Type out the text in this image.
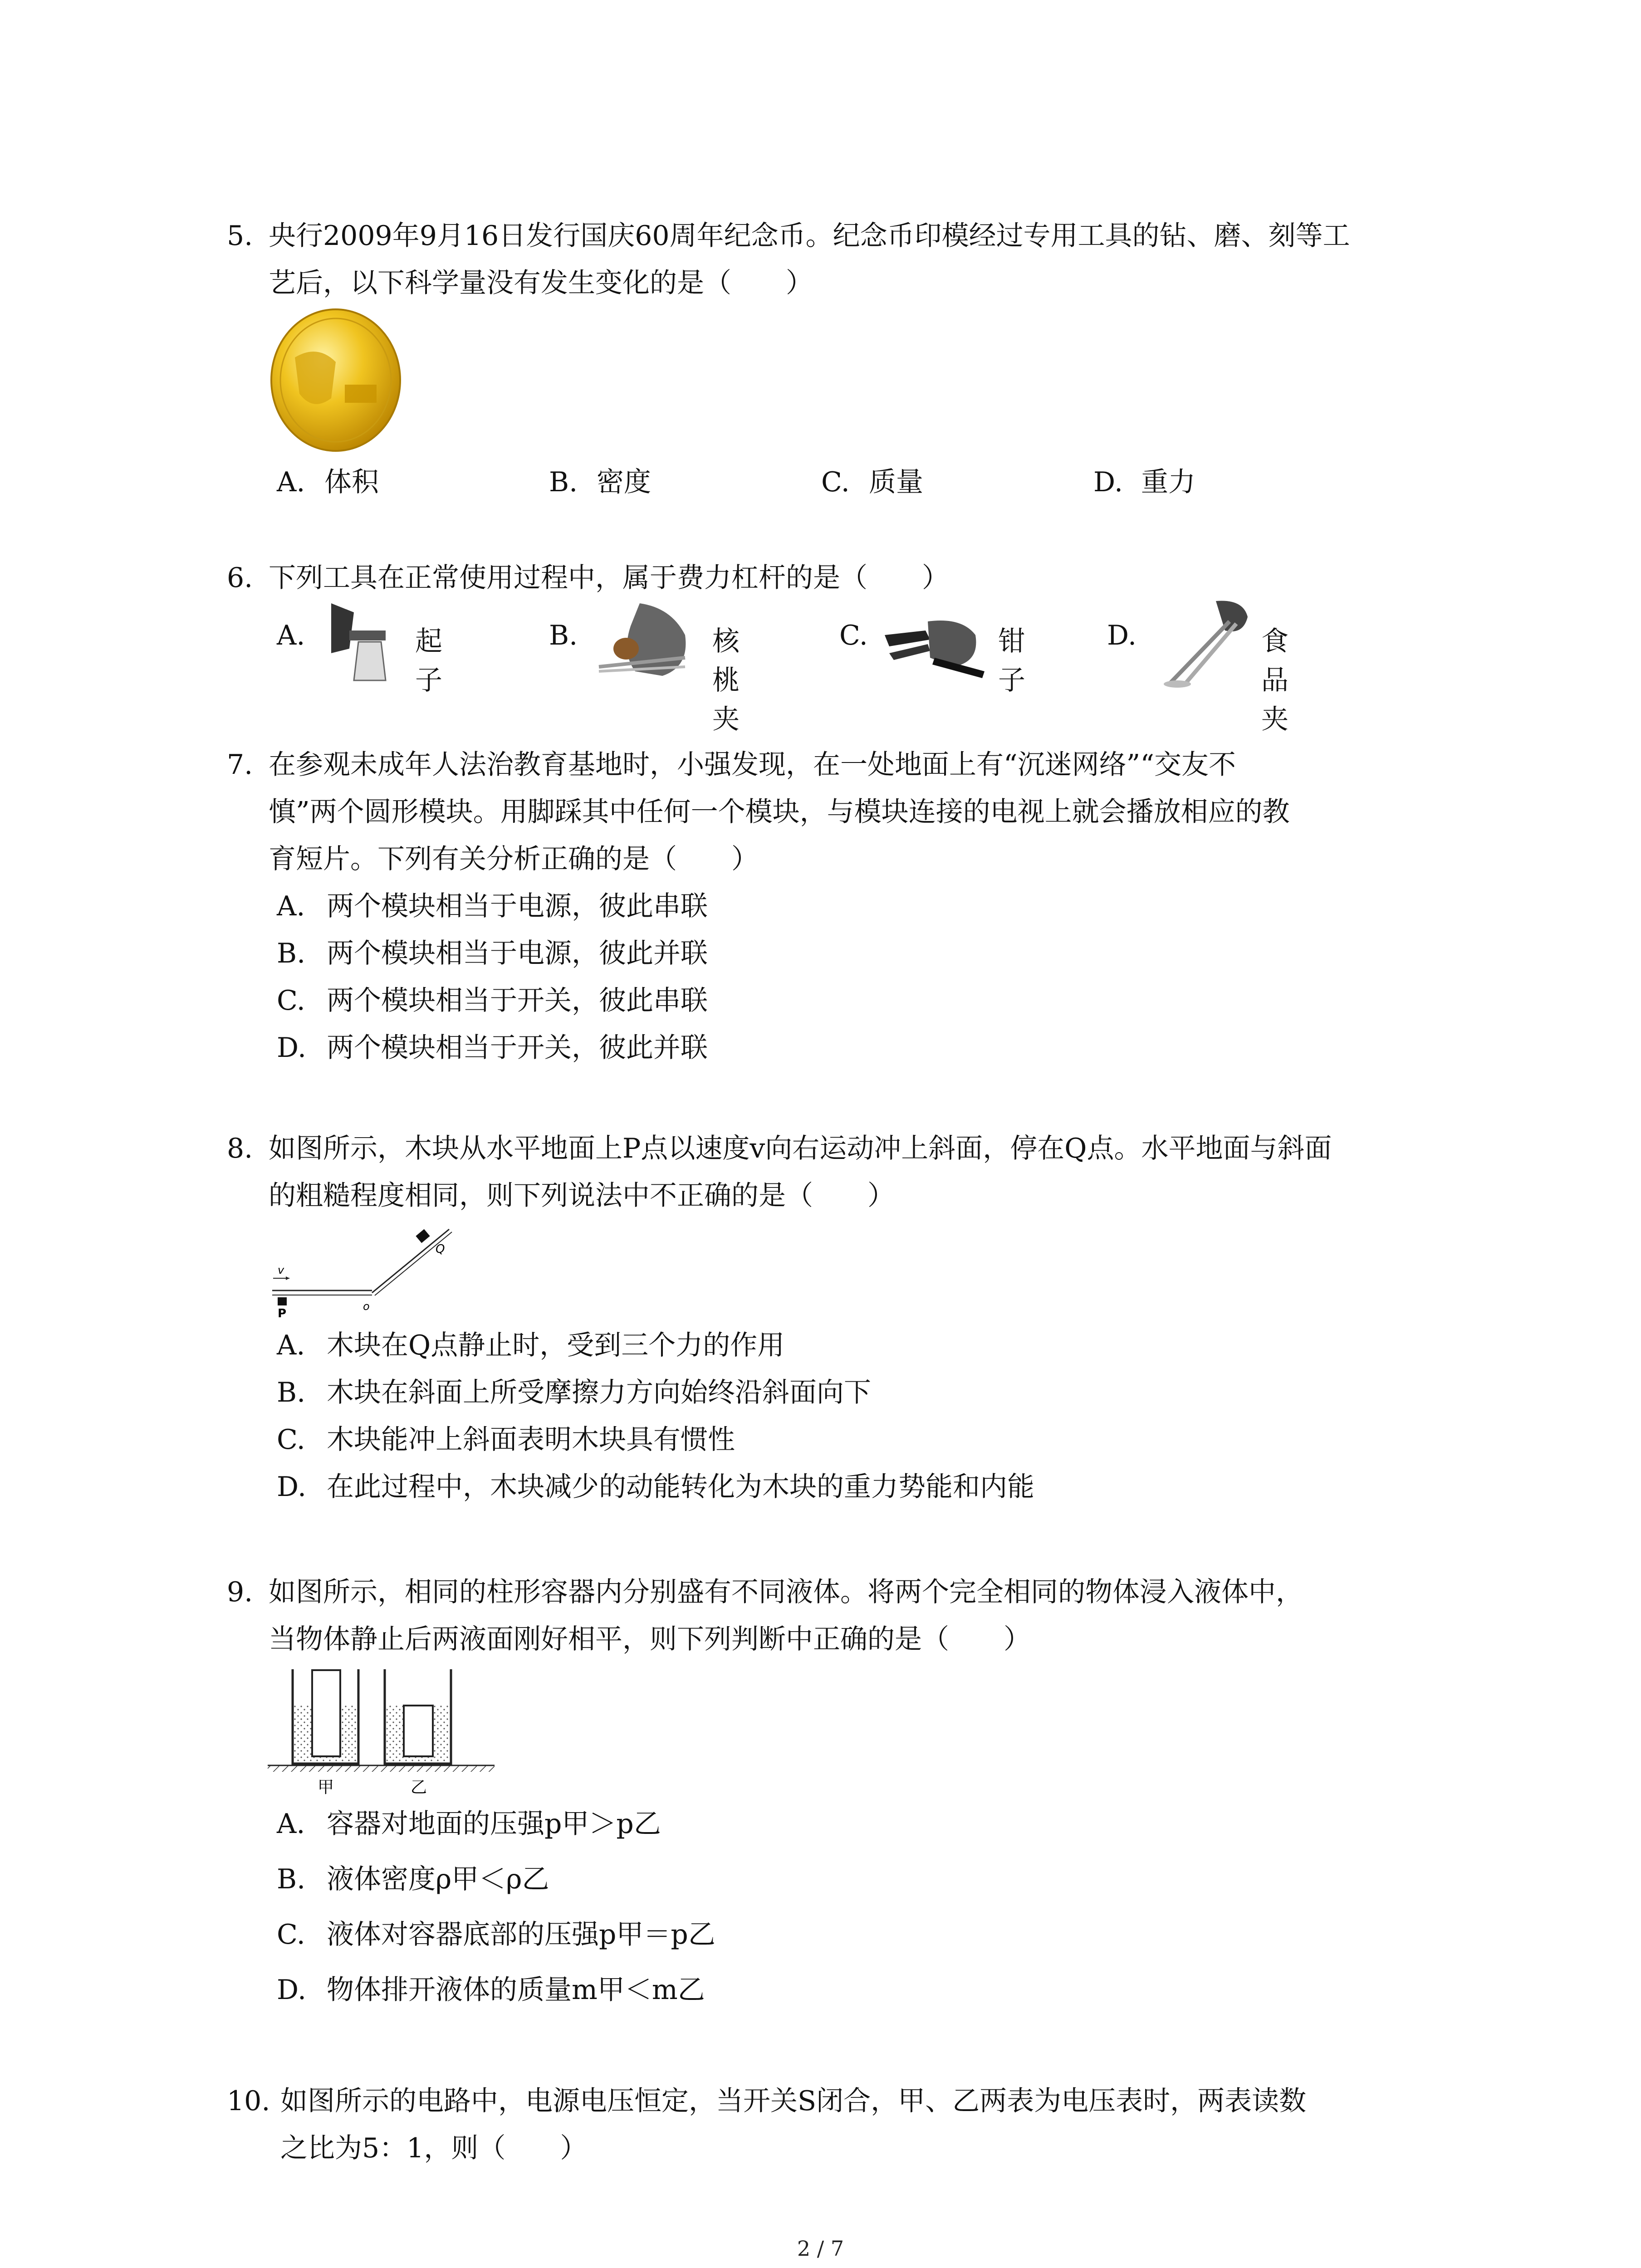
5. 央行2009年9月16日发行国庆60周年纪念币。纪念币印模经过专用工具的钻、磨、刻等工
艺后，以下科学量没有发生变化的是（　　）
A. 体积	B. 密度	C. 质量	D. 重力
6. 下列工具在正常使用过程中，属于费力杠杆的是（　　）
A.	起子
B.	核桃夹
C.	钳子
D.	食品夹
7. 在参观未成年人法治教育基地时，小强发现，在一处地面上有“沉迷网络”“交友不
慎”两个圆形模块。用脚踩其中任何一个模块，与模块连接的电视上就会播放相应的教
育短片。下列有关分析正确的是（　　）
A. 两个模块相当于电源，彼此串联
B. 两个模块相当于电源，彼此并联
C. 两个模块相当于开关，彼此串联
D. 两个模块相当于开关，彼此并联
8. 如图所示，木块从水平地面上P点以速度v向右运动冲上斜面，停在Q点。水平地面与斜面
的粗糙程度相同，则下列说法中不正确的是（　　）
v
P
o
Q
A. 木块在Q点静止时，受到三个力的作用
B. 木块在斜面上所受摩擦力方向始终沿斜面向下
C. 木块能冲上斜面表明木块具有惯性
D. 在此过程中，木块减少的动能转化为木块的重力势能和内能
9. 如图所示，相同的柱形容器内分别盛有不同液体。将两个完全相同的物体浸入液体中，
当物体静止后两液面刚好相平，则下列判断中正确的是（　　）
甲	乙
A. 容器对地面的压强p甲＞p乙
B. 液体密度ρ甲＜ρ乙
C. 液体对容器底部的压强p甲＝p乙
D. 物体排开液体的质量m甲＜m乙
10. 如图所示的电路中，电源电压恒定，当开关S闭合，甲、乙两表为电压表时，两表读数
之比为5：1，则（　　）
2 / 7
